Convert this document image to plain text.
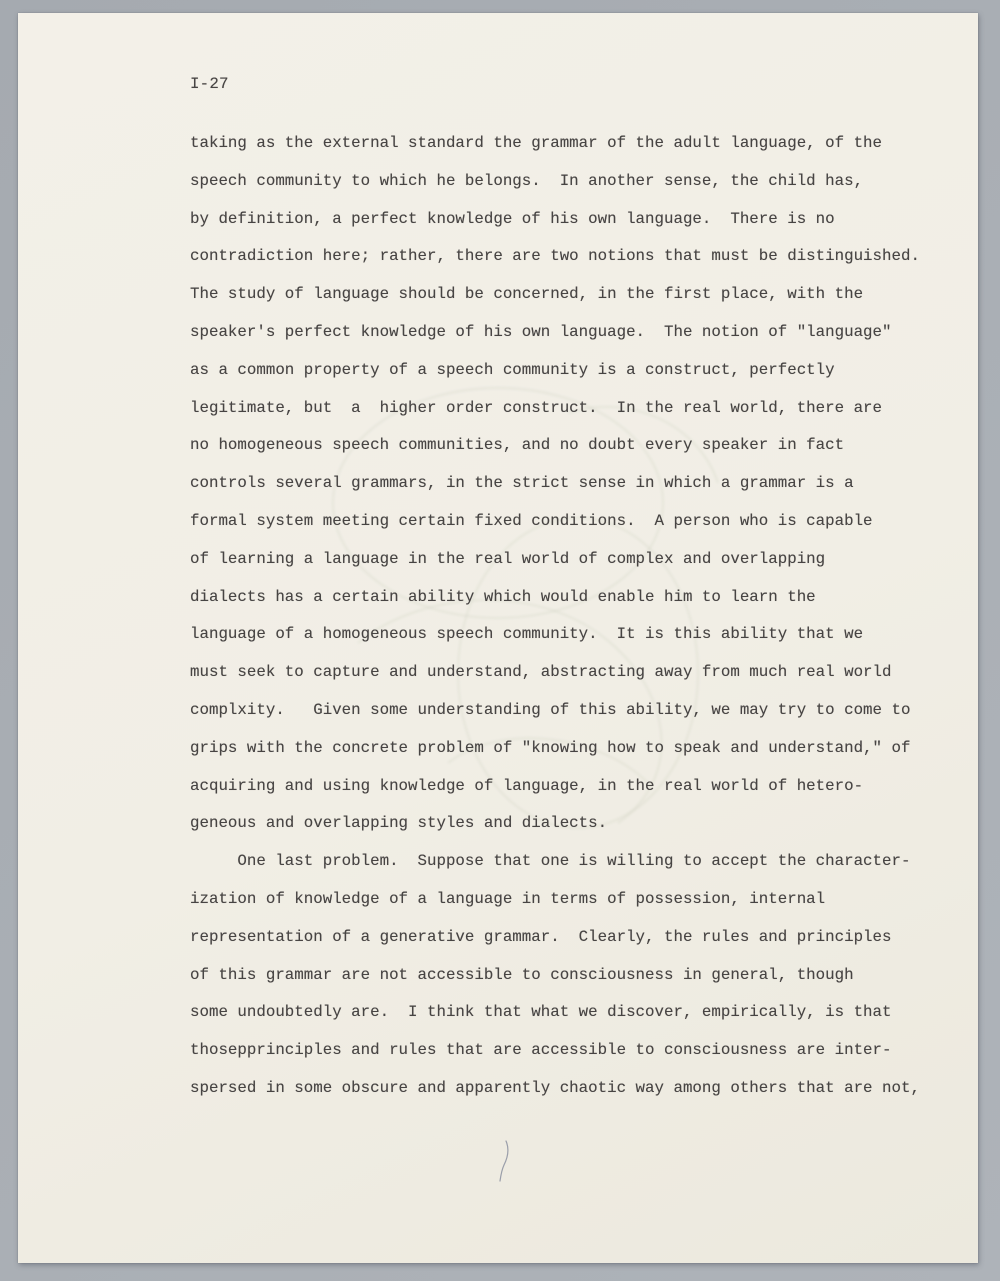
I-27
taking as the external standard the grammar of the adult language, of the
speech community to which he belongs.  In another sense, the child has,
by definition, a perfect knowledge of his own language.  There is no
contradiction here; rather, there are two notions that must be distinguished.
The study of language should be concerned, in the first place, with the
speaker's perfect knowledge of his own language.  The notion of "language"
as a common property of a speech community is a construct, perfectly
legitimate, but  a  higher order construct.  In the real world, there are
no homogeneous speech communities, and no doubt every speaker in fact
controls several grammars, in the strict sense in which a grammar is a
formal system meeting certain fixed conditions.  A person who is capable
of learning a language in the real world of complex and overlapping
dialects has a certain ability which would enable him to learn the
language of a homogeneous speech community.  It is this ability that we
must seek to capture and understand, abstracting away from much real world
complxity.   Given some understanding of this ability, we may try to come to
grips with the concrete problem of "knowing how to speak and understand," of
acquiring and using knowledge of language, in the real world of hetero-
geneous and overlapping styles and dialects.
One last problem.  Suppose that one is willing to accept the character-
ization of knowledge of a language in terms of possession, internal
representation of a generative grammar.  Clearly, the rules and principles
of this grammar are not accessible to consciousness in general, though
some undoubtedly are.  I think that what we discover, empirically, is that
thosepprinciples and rules that are accessible to consciousness are inter-
spersed in some obscure and apparently chaotic way among others that are not,
